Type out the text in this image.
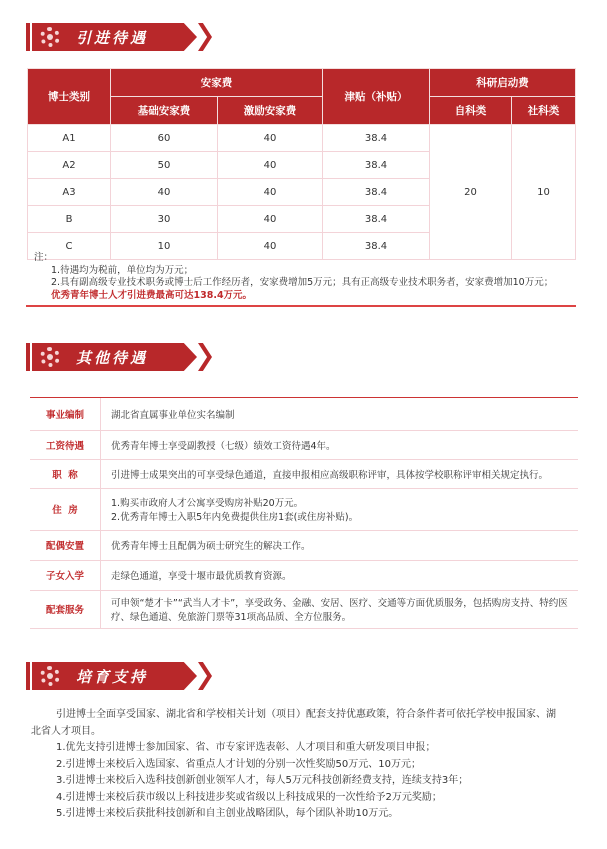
引进待遇
博士类别	安家费		津贴（补贴）	科研启动费	
	基础安家费	激励安家费		自科类	社科类
A1	60	40	38.4	20	10
A2	50	40	38.4		
A3	40	40	38.4		
B	30	40	38.4		
C	10	40	38.4		
注：
1.待遇均为税前，单位均为万元；
2.具有副高级专业技术职务或博士后工作经历者，安家费增加5万元；具有正高级专业技术职务者，安家费增加10万元；
优秀青年博士人才引进费最高可达138.4万元。
其他待遇
事业编制	湖北省直属事业单位实名编制

工资待遇	优秀青年博士享受副教授（七级）绩效工资待遇4年。

职  称	引进博士成果突出的可享受绿色通道，直接申报相应高级职称评审，具体按学校职称评审相关规定执行。

住  房	1.购买市政府人才公寓享受购房补贴20万元。
2.优秀青年博士入职5年内免费提供住房1套(或住房补贴)。

配偶安置	优秀青年博士且配偶为硕士研究生的解决工作。

子女入学	走绿色通道，享受十堰市最优质教育资源。

配套服务	可申领“楚才卡”“武当人才卡”，享受政务、金融、安居、医疗、交通等方面优质服务，包括购房支持、特约医疗、绿色通道、免旅游门票等31项高品质、全方位服务。
培育支持
引进博士全面享受国家、湖北省和学校相关计划（项目）配套支持优惠政策，符合条件者可依托学校申报国家、湖北省人才项目。
1.优先支持引进博士参加国家、省、市专家评选表彰、人才项目和重大研发项目申报；
2.引进博士来校后入选国家、省重点人才计划的分别一次性奖励50万元、10万元；
3.引进博士来校后入选科技创新创业领军人才，每人5万元科技创新经费支持，连续支持3年；
4.引进博士来校后获市级以上科技进步奖或省级以上科技成果的一次性给予2万元奖励；
5.引进博士来校后获批科技创新和自主创业战略团队，每个团队补助10万元。
